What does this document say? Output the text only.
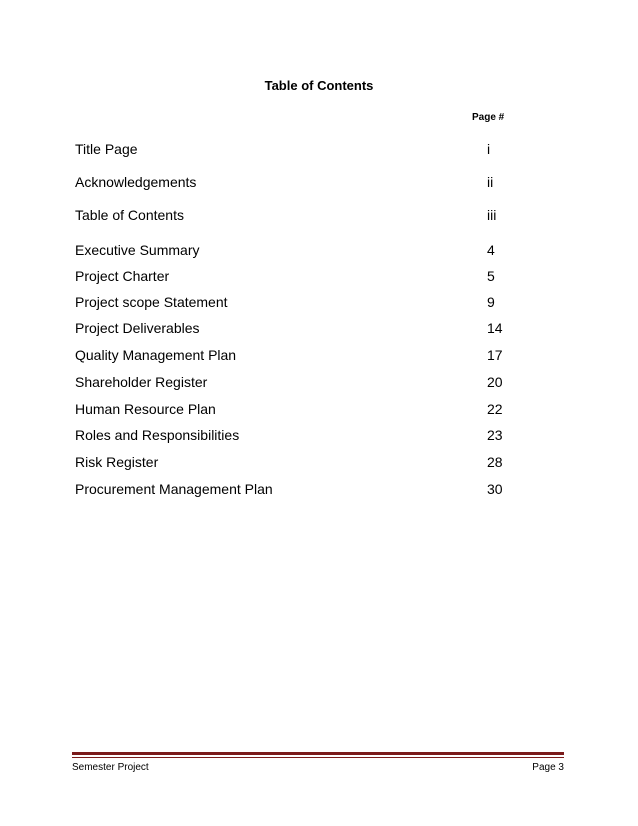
Table of Contents
Page #
Title Page	i
Acknowledgements	ii
Table of Contents	iii
Executive Summary	4
Project Charter	5
Project scope Statement	9
Project Deliverables	14
Quality Management Plan	17
Shareholder Register	20
Human Resource Plan	22
Roles and Responsibilities	23
Risk Register	28
Procurement Management Plan	30
Semester Project	Page 3
